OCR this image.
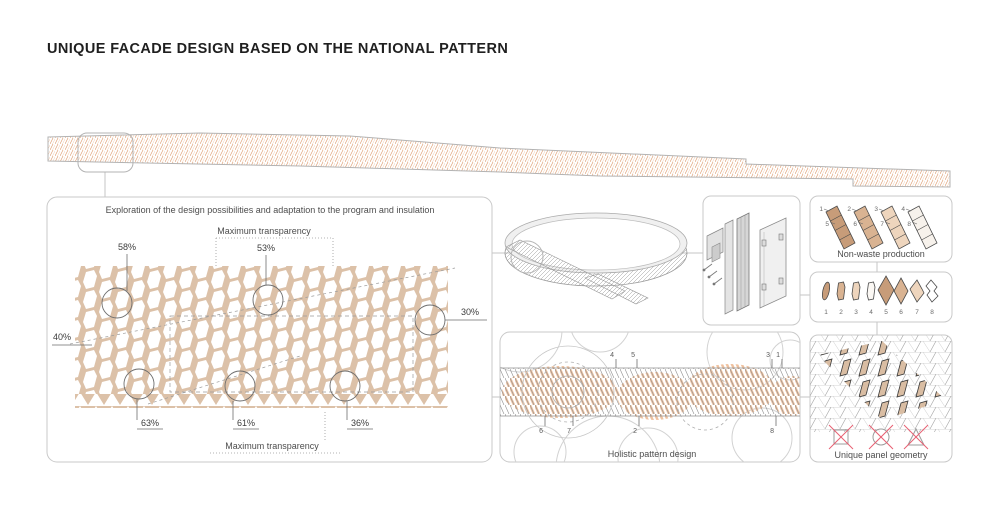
UNIQUE FACADE DESIGN BASED ON THE NATIONAL PATTERN
Exploration of the design possibilities and adaptation to the program and insulation
Maximum transparency
58%	53%
30%
40%
63%	61%	36%
Maximum transparency
1
5
2
6
3
7
4
8
Non-waste production
1 2 3 4 5 6 7 8
Unique panel geometry
4 5	3 1
6	7	2	8
Holistic pattern design
